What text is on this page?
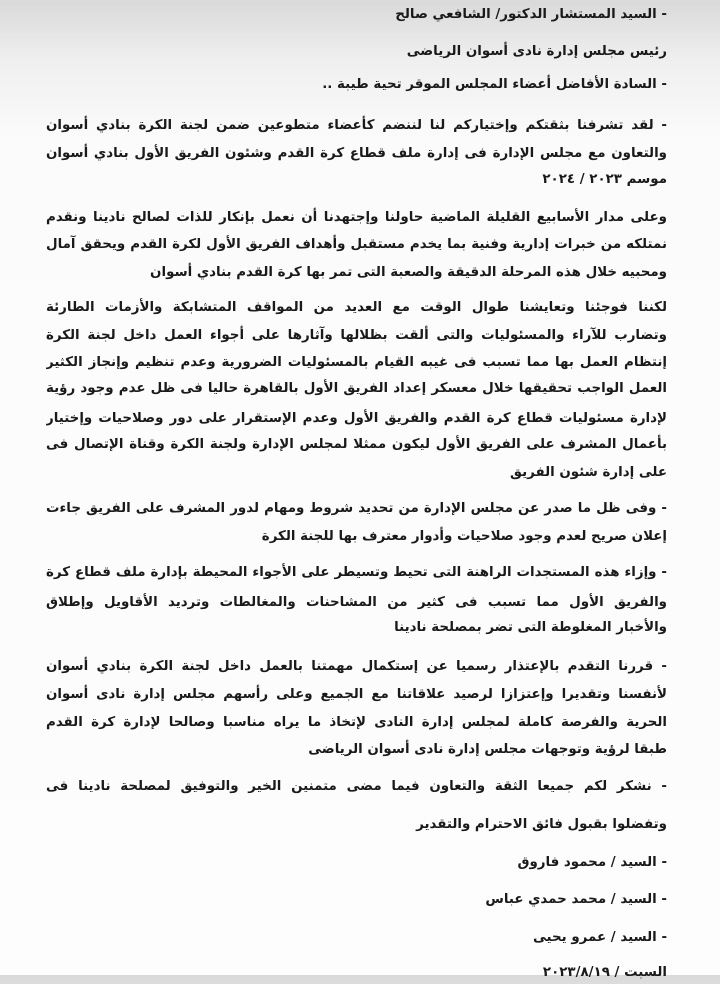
- السيد المستشار الدكتور/ الشافعي صالح
رئيس مجلس إدارة نادى أسوان الرياضى
- السادة الأفاضل أعضاء المجلس الموقر تحية طيبة ..
- لقد تشرفنا بثقتكم وإختياركم لنا لننضم كأعضاء متطوعين ضمن لجنة الكرة بنادي أسوان
والتعاون مع مجلس الإدارة فى إدارة ملف قطاع كرة القدم وشئون الفريق الأول بنادي أسوان
موسم ٢٠٢٣ / ٢٠٢٤
وعلى مدار الأسابيع القليلة الماضية حاولنا وإجتهدنا أن نعمل بإنكار للذات لصالح نادينا ونقدم
نمتلكه من خبرات إدارية وفنية بما يخدم مستقبل وأهداف الفريق الأول لكرة القدم ويحقق آمال
ومحبيه خلال هذه المرحلة الدقيقة والصعبة التى تمر بها كرة القدم بنادي أسوان
لكننا فوجئنا وتعايشنا طوال الوقت مع العديد من المواقف المتشابكة والأزمات الطارئة
وتضارب للآراء والمسئوليات والتى ألقت بظلالها وآثارها على أجواء العمل داخل لجنة الكرة
إنتظام العمل بها مما تسبب فى غيبه القيام بالمسئوليات الضرورية وعدم تنظيم وإنجاز الكثير
العمل الواجب تحقيقها خلال معسكر إعداد الفريق الأول بالقاهرة حاليا فى ظل عدم وجود رؤية
لإدارة مسئوليات قطاع كرة القدم والفريق الأول وعدم الإستقرار على دور وصلاحيات وإختيار
بأعمال المشرف على الفريق الأول ليكون ممثلا لمجلس الإدارة ولجنة الكرة وقناة الإتصال فى
على إدارة شئون الفريق
- وفى ظل ما صدر عن مجلس الإدارة من تحديد شروط ومهام لدور المشرف على الفريق جاءت
إعلان صريح لعدم وجود صلاحيات وأدوار معترف بها للجنة الكرة
- وإزاء هذه المستجدات الراهنة التى تحيط وتسيطر على الأجواء المحيطة بإدارة ملف قطاع كرة
والفريق الأول مما تسبب فى كثير من المشاحنات والمغالطات وترديد الأقاويل وإطلاق
والأخبار المغلوطة التى تضر بمصلحة نادينا
- قررنا التقدم بالإعتذار رسميا عن إستكمال مهمتنا بالعمل داخل لجنة الكرة بنادي أسوان
لأنفسنا وتقديرا وإعتزازا لرصيد علاقاتنا مع الجميع وعلى رأسهم مجلس إدارة نادى أسوان
الحرية والفرصة كاملة لمجلس إدارة النادى لإتخاذ ما يراه مناسبا وصالحا لإدارة كرة القدم
طبقا لرؤية وتوجهات مجلس إدارة نادى أسوان الرياضى
- نشكر لكم جميعا الثقة والتعاون فيما مضى متمنين الخير والتوفيق لمصلحة نادينا فى
وتفضلوا بقبول فائق الاحترام والتقدير
- السيد / محمود فاروق
- السيد / محمد حمدي عباس
- السيد / عمرو يحيى
السبت / ٢٠٢٣/٨/١٩
